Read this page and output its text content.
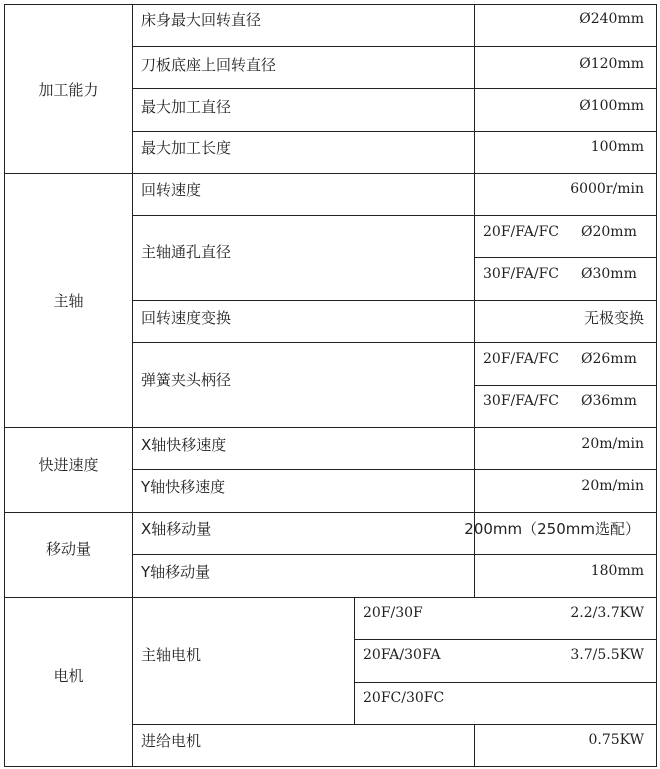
加工能力
床身最大回转直径	Ø240mm
刀板底座上回转直径	Ø120mm
最大加工直径	Ø100mm
最大加工长度	100mm
主轴
回转速度	6000r/min
主轴通孔直径
20F/FA/FC Ø20mm
30F/FA/FC Ø30mm
回转速度变换	无极变换
弹簧夹头柄径
20F/FA/FC Ø26mm
30F/FA/FC Ø36mm
快进速度
X轴快移速度	20m/min
Y轴快移速度	20m/min
移动量
X轴移动量	200mm（250mm选配）
Y轴移动量	180mm
电机
主轴电机
20F/30F	2.2/3.7KW
20FA/30FA	3.7/5.5KW
20FC/30FC
进给电机	0.75KW
